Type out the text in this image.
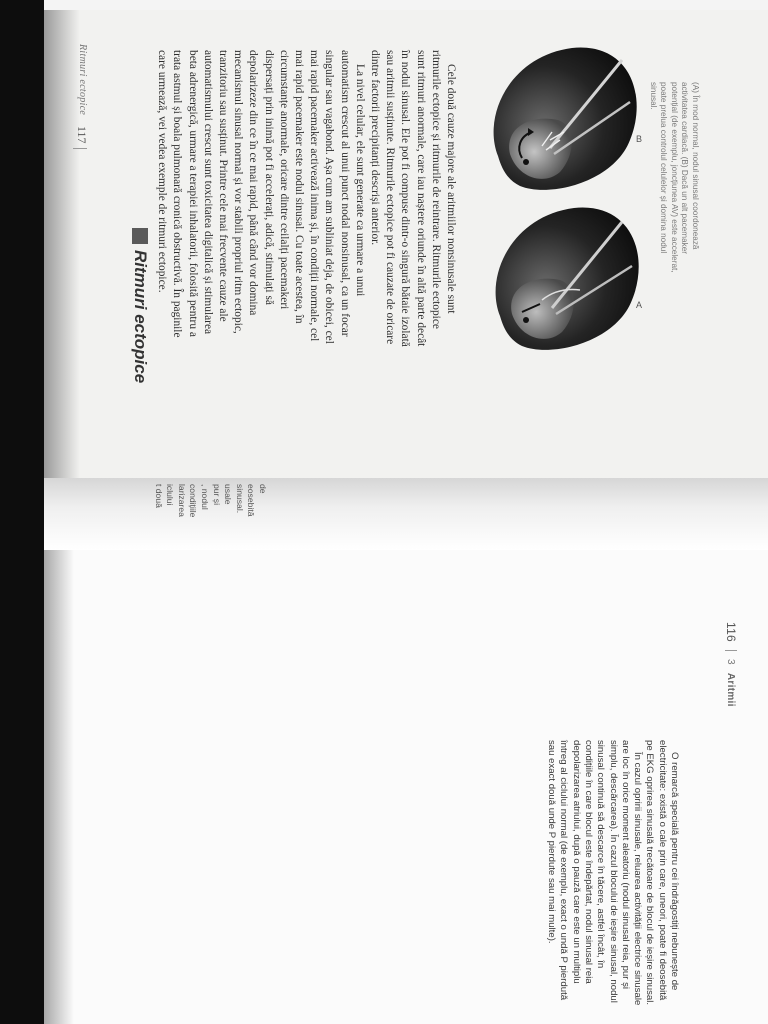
Ritmuri ectopice
117
Ritmuri ectopice

Cele două cauze majore ale aritmiilor nonsinusale sunt ritmurile ectopice și ritmurile de reintrare. Ritmurile ectopice sunt ritmuri anormale, care iau naștere oriunde în altă parte decât în nodul sinusal. Ele pot fi compuse dintr-o singură bătaie izolată sau aritmii susținute. Ritmurile ectopice pot fi cauzate de oricare dintre factorii precipitanți descriși anterior.

La nivel celular, ele sunt generate ca urmare a unui automatism crescut al unui punct nodal nonsinusal, ca un focar singular sau vagabond. Așa cum am subliniat deja, de obicei, cel mai rapid pacemaker activează inima și, în condiții normale, cel mai rapid pacemaker este nodul sinusal. Cu toate acestea, în circumstanțe anormale, oricare dintre ceilalți pacemakeri dispersați prin inimă pot fi accelerați, adică, stimulați să depolarizeze din ce în ce mai rapid, până când vor domina mecanismul sinusal normal și vor stabili propriul ritm ectopic, tranzitoriu sau susținut. Printre cele mai frecvente cauze ale automatismului crescut sunt toxicitatea digitalică și stimularea beta adrenergică, urmare a terapiei inhalatorii, folosită pentru a trata astmul și boala pulmonară cronică obstructivă. În paginile care urmează, vei vedea exemple de ritmuri ectopice.

A
B	(A) În mod normal, nodul sinusal coordonează activitatea cardiacă. (B) Dacă un alt pacemaker potențial (de exemplu, joncțiunea AV) este accelerat, poate prelua controlul celulelor și domina nodul sinusal.
de
eosebită
sinusal.
usale
pur și
, nodul
condițiile
larizarea
iclului
t două
116
3
Aritmii

O remarcă specială pentru cei îndrăgostiți nebunește de electricitate: există o cale prin care, uneori, poate fi deosebită pe EKG oprirea sinusală trecătoare de blocul de ieșire sinusal.

În cazul opririi sinusale, reluarea activității electrice sinusale are loc în orice moment aleatoriu (nodul sinusal reia, pur și simplu, descărcarea). În cazul blocului de ieșire sinusal, nodul sinusal continuă să descarce în tăcere, astfel încât, în condițiile în care blocul este îndepărtat, nodul sinusal reia depolarizarea atriului, după o pauză care este un multiplu întreg al ciclului normal (de exemplu, exact o undă P pierdută sau exact două unde P pierdute sau mai multe).
